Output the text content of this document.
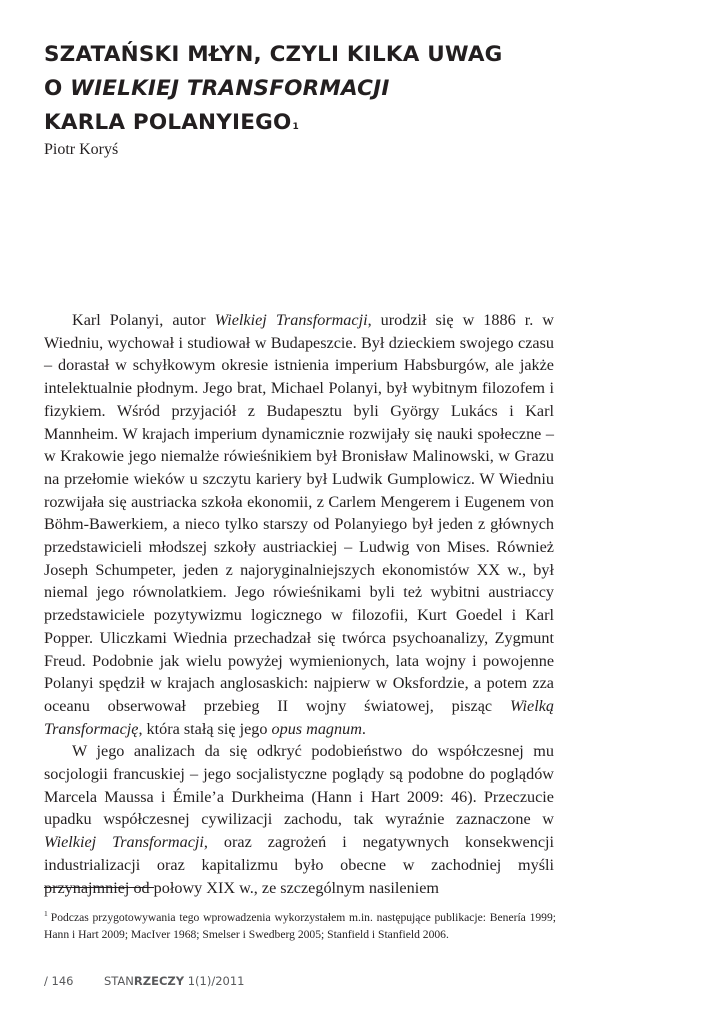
SZATAŃSKI MŁYN, CZYLI KILKA UWAG
O WIELKIEJ TRANSFORMACJI
KARLA POLANYIEGO$^1$
Piotr Koryś

Karl Polanyi, autor Wielkiej Transformacji, urodził się w 1886 r. w Wiedniu, wychował i studiował w Budapeszcie. Był dzieckiem swojego czasu – dorastał w schyłkowym okresie istnienia imperium Habsburgów, ale jakże intelektualnie płodnym. Jego brat, Michael Polanyi, był wybitnym filozofem i fizykiem. Wśród przyjaciół z Budapesztu byli György Lukács i Karl Mannheim. W krajach imperium dynamicznie rozwijały się nauki społeczne – w Krakowie jego niemalże rówieśnikiem był Bronisław Malinowski, w Grazu na przełomie wieków u szczytu kariery był Ludwik Gumplowicz. W Wiedniu rozwijała się austriacka szkoła ekonomii, z Carlem Mengerem i Eugenem von Böhm-Bawerkiem, a nieco tylko starszy od Polanyiego był jeden z głównych przedstawicieli młodszej szkoły austriackiej – Ludwig von Mises. Również Joseph Schumpeter, jeden z najoryginalniejszych ekonomistów XX w., był niemal jego równolatkiem. Jego rówieśnikami byli też wybitni austriaccy przedstawiciele pozytywizmu logicznego w filozofii, Kurt Goedel i Karl Popper. Uliczkami Wiednia przechadzał się twórca psychoanalizy, Zygmunt Freud. Podobnie jak wielu powyżej wymienionych, lata wojny i powojenne Polanyi spędził w krajach anglosaskich: najpierw w Oksfordzie, a potem zza oceanu obserwował przebieg II wojny światowej, pisząc Wielką Transformację, która stałą się jego opus magnum.

W jego analizach da się odkryć podobieństwo do współczesnej mu socjologii francuskiej – jego socjalistyczne poglądy są podobne do poglądów Marcela Maussa i Émile’a Durkheima (Hann i Hart 2009: 46). Przeczucie upadku współczesnej cywilizacji zachodu, tak wyraźnie zaznaczone w Wielkiej Transformacji, oraz zagrożeń i negatywnych konsekwencji industrializacji oraz kapitalizmu było obecne w zachodniej myśli przynajmniej od połowy XIX w., ze szczególnym nasileniem

$^1$ Podczas przygotowywania tego wprowadzenia wykorzystałem m.in. następujące publikacje: Benería 1999; Hann i Hart 2009; MacIver 1968; Smelser i Swedberg 2005; Stanfield i Stanfield 2006.
/ 146	STANRZECZY 1(1)/2011
